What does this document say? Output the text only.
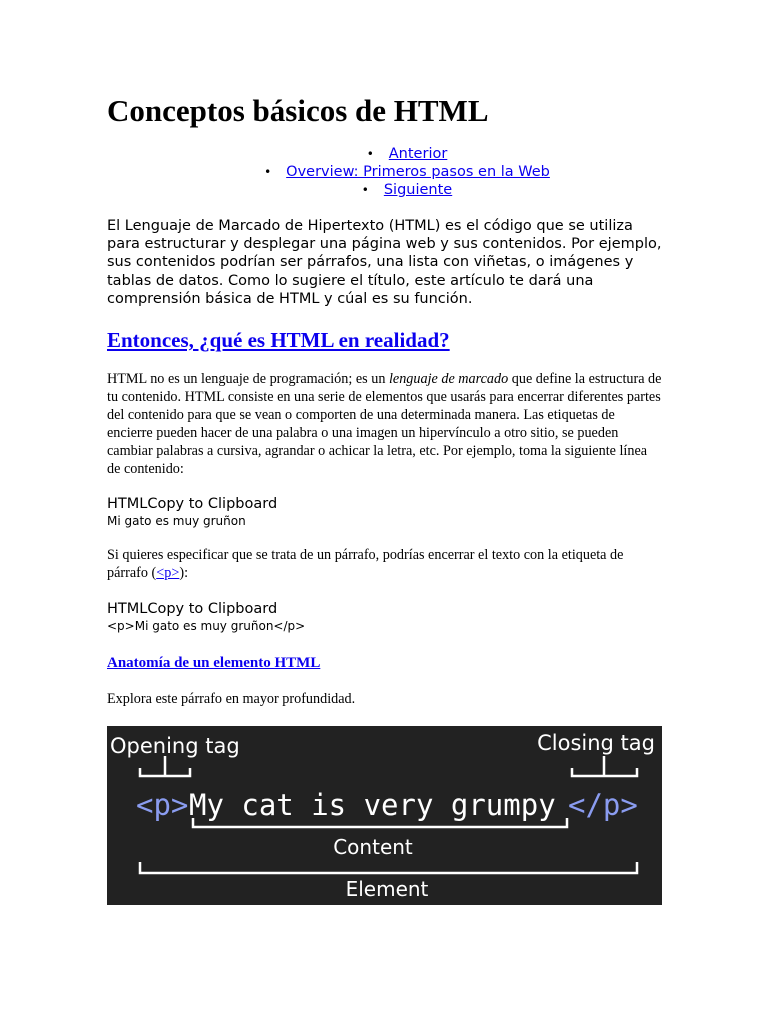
Conceptos básicos de HTML
• Anterior
• Overview: Primeros pasos en la Web
• Siguiente

El Lenguaje de Marcado de Hipertexto (HTML) es el código que se utiliza para estructurar y desplegar una página web y sus contenidos. Por ejemplo, sus contenidos podrían ser párrafos, una lista con viñetas, o imágenes y tablas de datos. Como lo sugiere el título, este artículo te dará una comprensión básica de HTML y cúal es su función.

Entonces, ¿qué es HTML en realidad?

HTML no es un lenguaje de programación; es un lenguaje de marcado que define la estructura de tu contenido. HTML consiste en una serie de elementos que usarás para encerrar diferentes partes del contenido para que se vean o comporten de una determinada manera. Las etiquetas de encierre pueden hacer de una palabra o una imagen un hipervínculo a otro sitio, se pueden cambiar palabras a cursiva, agrandar o achicar la letra, etc. Por ejemplo, toma la siguiente línea de contenido:

HTMLCopy to Clipboard
Mi gato es muy gruñon

Si quieres especificar que se trata de un párrafo, podrías encerrar el texto con la etiqueta de párrafo (<p>):

HTMLCopy to Clipboard
<p>Mi gato es muy gruñon</p>
Anatomía de un elemento HTML

Explora este párrafo en mayor profundidad.

Opening tag	Closing tag
<p> My cat is very grumpy </p>
Content
Element
